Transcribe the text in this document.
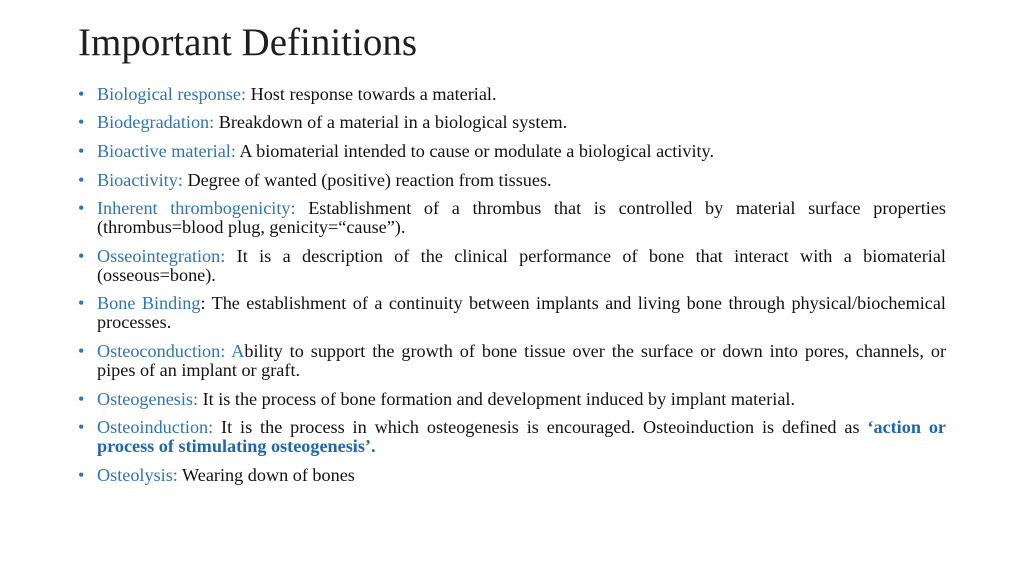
Important Definitions
• Biological response: Host response towards a material.
• Biodegradation: Breakdown of a material in a biological system.
• Bioactive material: A biomaterial intended to cause or modulate a biological activity.
• Bioactivity: Degree of wanted (positive) reaction from tissues.
• Inherent thrombogenicity: Establishment of a thrombus that is controlled by material surface properties (thrombus=blood plug, genicity=“cause”).
• Osseointegration: It is a description of the clinical performance of bone that interact with a biomaterial (osseous=bone).
• Bone Binding: The establishment of a continuity between implants and living bone through physical/biochemical processes.
• Osteoconduction: Ability to support the growth of bone tissue over the surface or down into pores, channels, or pipes of an implant or graft.
• Osteogenesis: It is the process of bone formation and development induced by implant material.
• Osteoinduction: It is the process in which osteogenesis is encouraged. Osteoinduction is defined as ‘action or process of stimulating osteogenesis’.
• Osteolysis: Wearing down of bones
